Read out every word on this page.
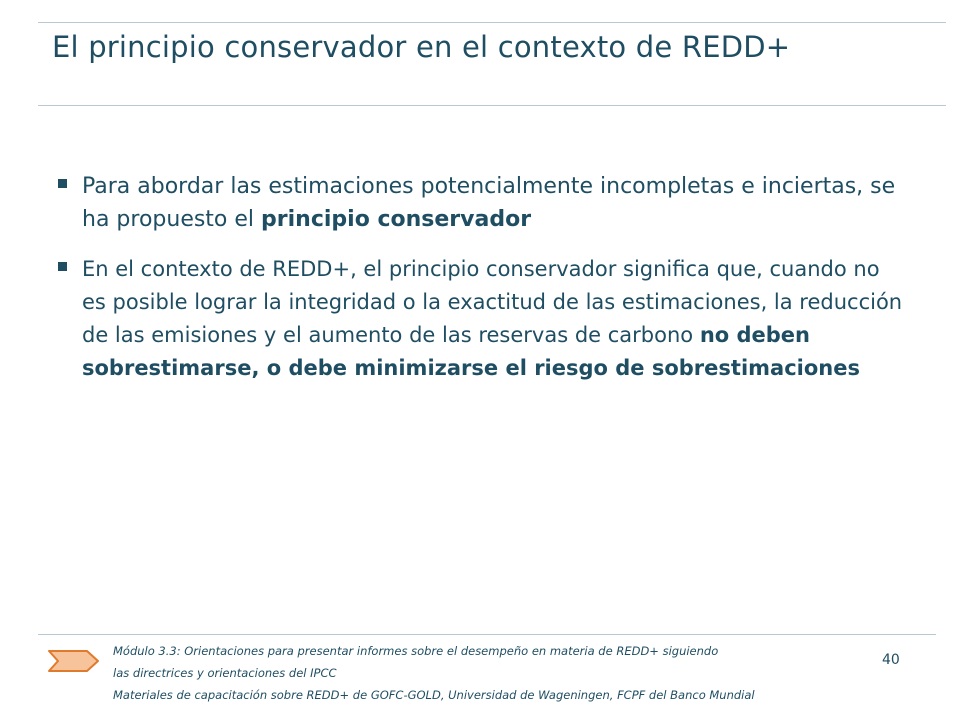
El principio conservador en el contexto de REDD+
Para abordar las estimaciones potencialmente incompletas e inciertas, se ha propuesto el principio conservador
En el contexto de REDD+, el principio conservador significa que, cuando no es posible lograr la integridad o la exactitud de las estimaciones, la reducción de las emisiones y el aumento de las reservas de carbono no deben sobrestimarse, o debe minimizarse el riesgo de sobrestimaciones
Módulo 3.3: Orientaciones para presentar informes sobre el desempeño en materia de REDD+ siguiendo
las directrices y orientaciones del IPCC
Materiales de capacitación sobre REDD+ de GOFC-GOLD, Universidad de Wageningen, FCPF del Banco Mundial
40
